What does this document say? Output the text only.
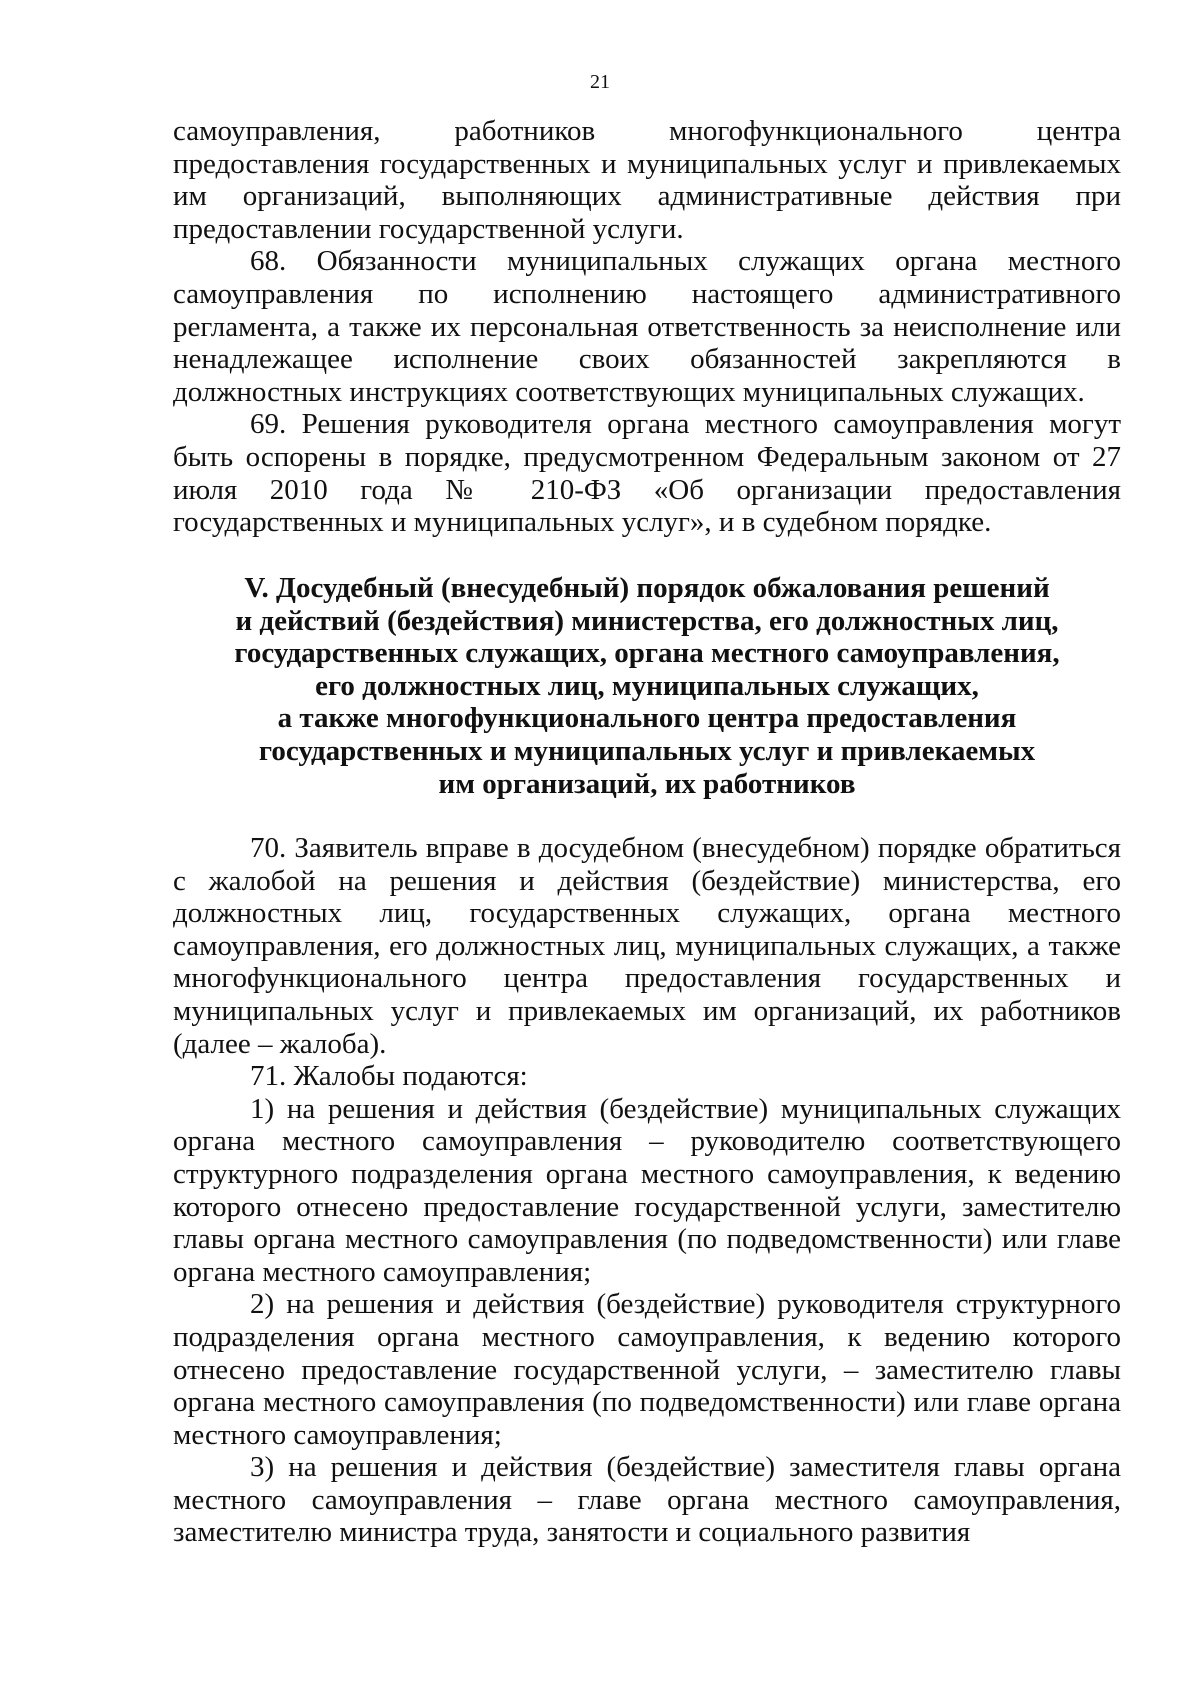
21

самоуправления, работников многофункционального центра предоставления государственных и муниципальных услуг и привлекаемых им организаций, выполняющих административные действия при предоставлении государственной услуги.

68. Обязанности муниципальных служащих органа местного самоуправления по исполнению настоящего административного регламента, а также их персональная ответственность за неисполнение или ненадлежащее исполнение своих обязанностей закрепляются в должностных инструкциях соответствующих муниципальных служащих.

69. Решения руководителя органа местного самоуправления могут быть оспорены в порядке, предусмотренном Федеральным законом от 27 июля 2010 года № 210-ФЗ «Об организации предоставления государственных и муниципальных услуг», и в судебном порядке.

V. Досудебный (внесудебный) порядок обжалования решений
и действий (бездействия) министерства, его должностных лиц,
государственных служащих, органа местного самоуправления,
его должностных лиц, муниципальных служащих,
а также многофункционального центра предоставления
государственных и муниципальных услуг и привлекаемых
им организаций, их работников

70. Заявитель вправе в досудебном (внесудебном) порядке обратиться с жалобой на решения и действия (бездействие) министерства, его должностных лиц, государственных служащих, органа местного самоуправления, его должностных лиц, муниципальных служащих, а также многофункционального центра предоставления государственных и муниципальных услуг и привлекаемых им организаций, их работников (далее – жалоба).

71. Жалобы подаются:

1) на решения и действия (бездействие) муниципальных служащих органа местного самоуправления – руководителю соответствующего структурного подразделения органа местного самоуправления, к ведению которого отнесено предоставление государственной услуги, заместителю главы органа местного самоуправления (по подведомственности) или главе органа местного самоуправления;

2) на решения и действия (бездействие) руководителя структурного подразделения органа местного самоуправления, к ведению которого отнесено предоставление государственной услуги, – заместителю главы органа местного самоуправления (по подведомственности) или главе органа местного самоуправления;

3) на решения и действия (бездействие) заместителя главы органа местного самоуправления – главе органа местного самоуправления, заместителю министра труда, занятости и социального развития
